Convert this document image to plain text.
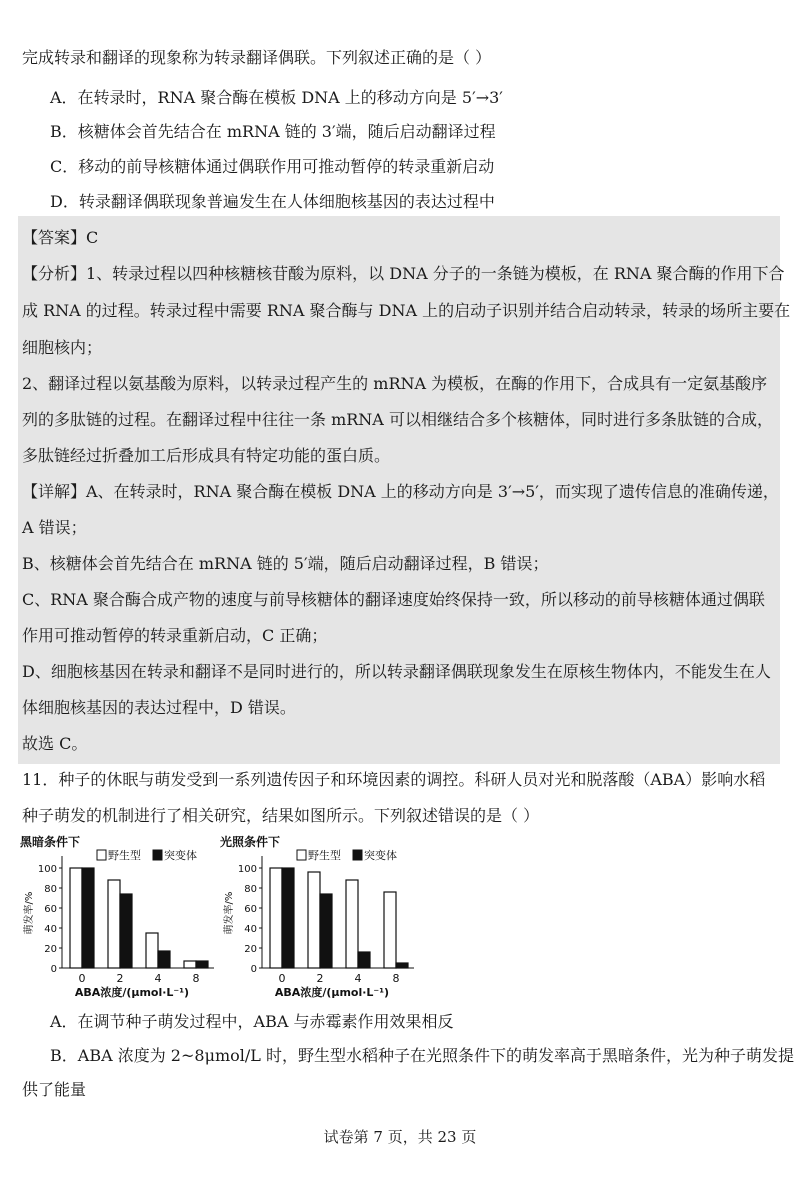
完成转录和翻译的现象称为转录翻译偶联。下列叙述正确的是（ ）
A．在转录时，RNA 聚合酶在模板 DNA 上的移动方向是 5′→3′
B．核糖体会首先结合在 mRNA 链的 3′端，随后启动翻译过程
C．移动的前导核糖体通过偶联作用可推动暂停的转录重新启动
D．转录翻译偶联现象普遍发生在人体细胞核基因的表达过程中
【答案】C
【分析】1、转录过程以四种核糖核苷酸为原料，以 DNA 分子的一条链为模板，在 RNA 聚合酶的作用下合
成 RNA 的过程。转录过程中需要 RNA 聚合酶与 DNA 上的启动子识别并结合启动转录，转录的场所主要在
细胞核内；
2、翻译过程以氨基酸为原料，以转录过程产生的 mRNA 为模板，在酶的作用下，合成具有一定氨基酸序
列的多肽链的过程。在翻译过程中往往一条 mRNA 可以相继结合多个核糖体，同时进行多条肽链的合成，
多肽链经过折叠加工后形成具有特定功能的蛋白质。
【详解】A、在转录时，RNA 聚合酶在模板 DNA 上的移动方向是 3′→5′，而实现了遗传信息的准确传递，
A 错误；
B、核糖体会首先结合在 mRNA 链的 5′端，随后启动翻译过程，B 错误；
C、RNA 聚合酶合成产物的速度与前导核糖体的翻译速度始终保持一致，所以移动的前导核糖体通过偶联
作用可推动暂停的转录重新启动，C 正确；
D、细胞核基因在转录和翻译不是同时进行的，所以转录翻译偶联现象发生在原核生物体内，不能发生在人
体细胞核基因的表达过程中，D 错误。
故选 C。
11．种子的休眠与萌发受到一系列遗传因子和环境因素的调控。科研人员对光和脱落酸（ABA）影响水稻
种子萌发的机制进行了相关研究，结果如图所示。下列叙述错误的是（ ）
黑暗条件下
0
20
40
60
80
100
萌发率/%
野生型 突变体
0	2	4	8
ABA浓度/(μmol·L⁻¹)
光照条件下
0
20
40
60
80
100
萌发率/%
野生型 突变体
0	2	4	8
ABA浓度/(μmol·L⁻¹)
A．在调节种子萌发过程中，ABA 与赤霉素作用效果相反
B．ABA 浓度为 2~8μmol/L 时，野生型水稻种子在光照条件下的萌发率高于黑暗条件，光为种子萌发提
供了能量
试卷第 7 页，共 23 页
